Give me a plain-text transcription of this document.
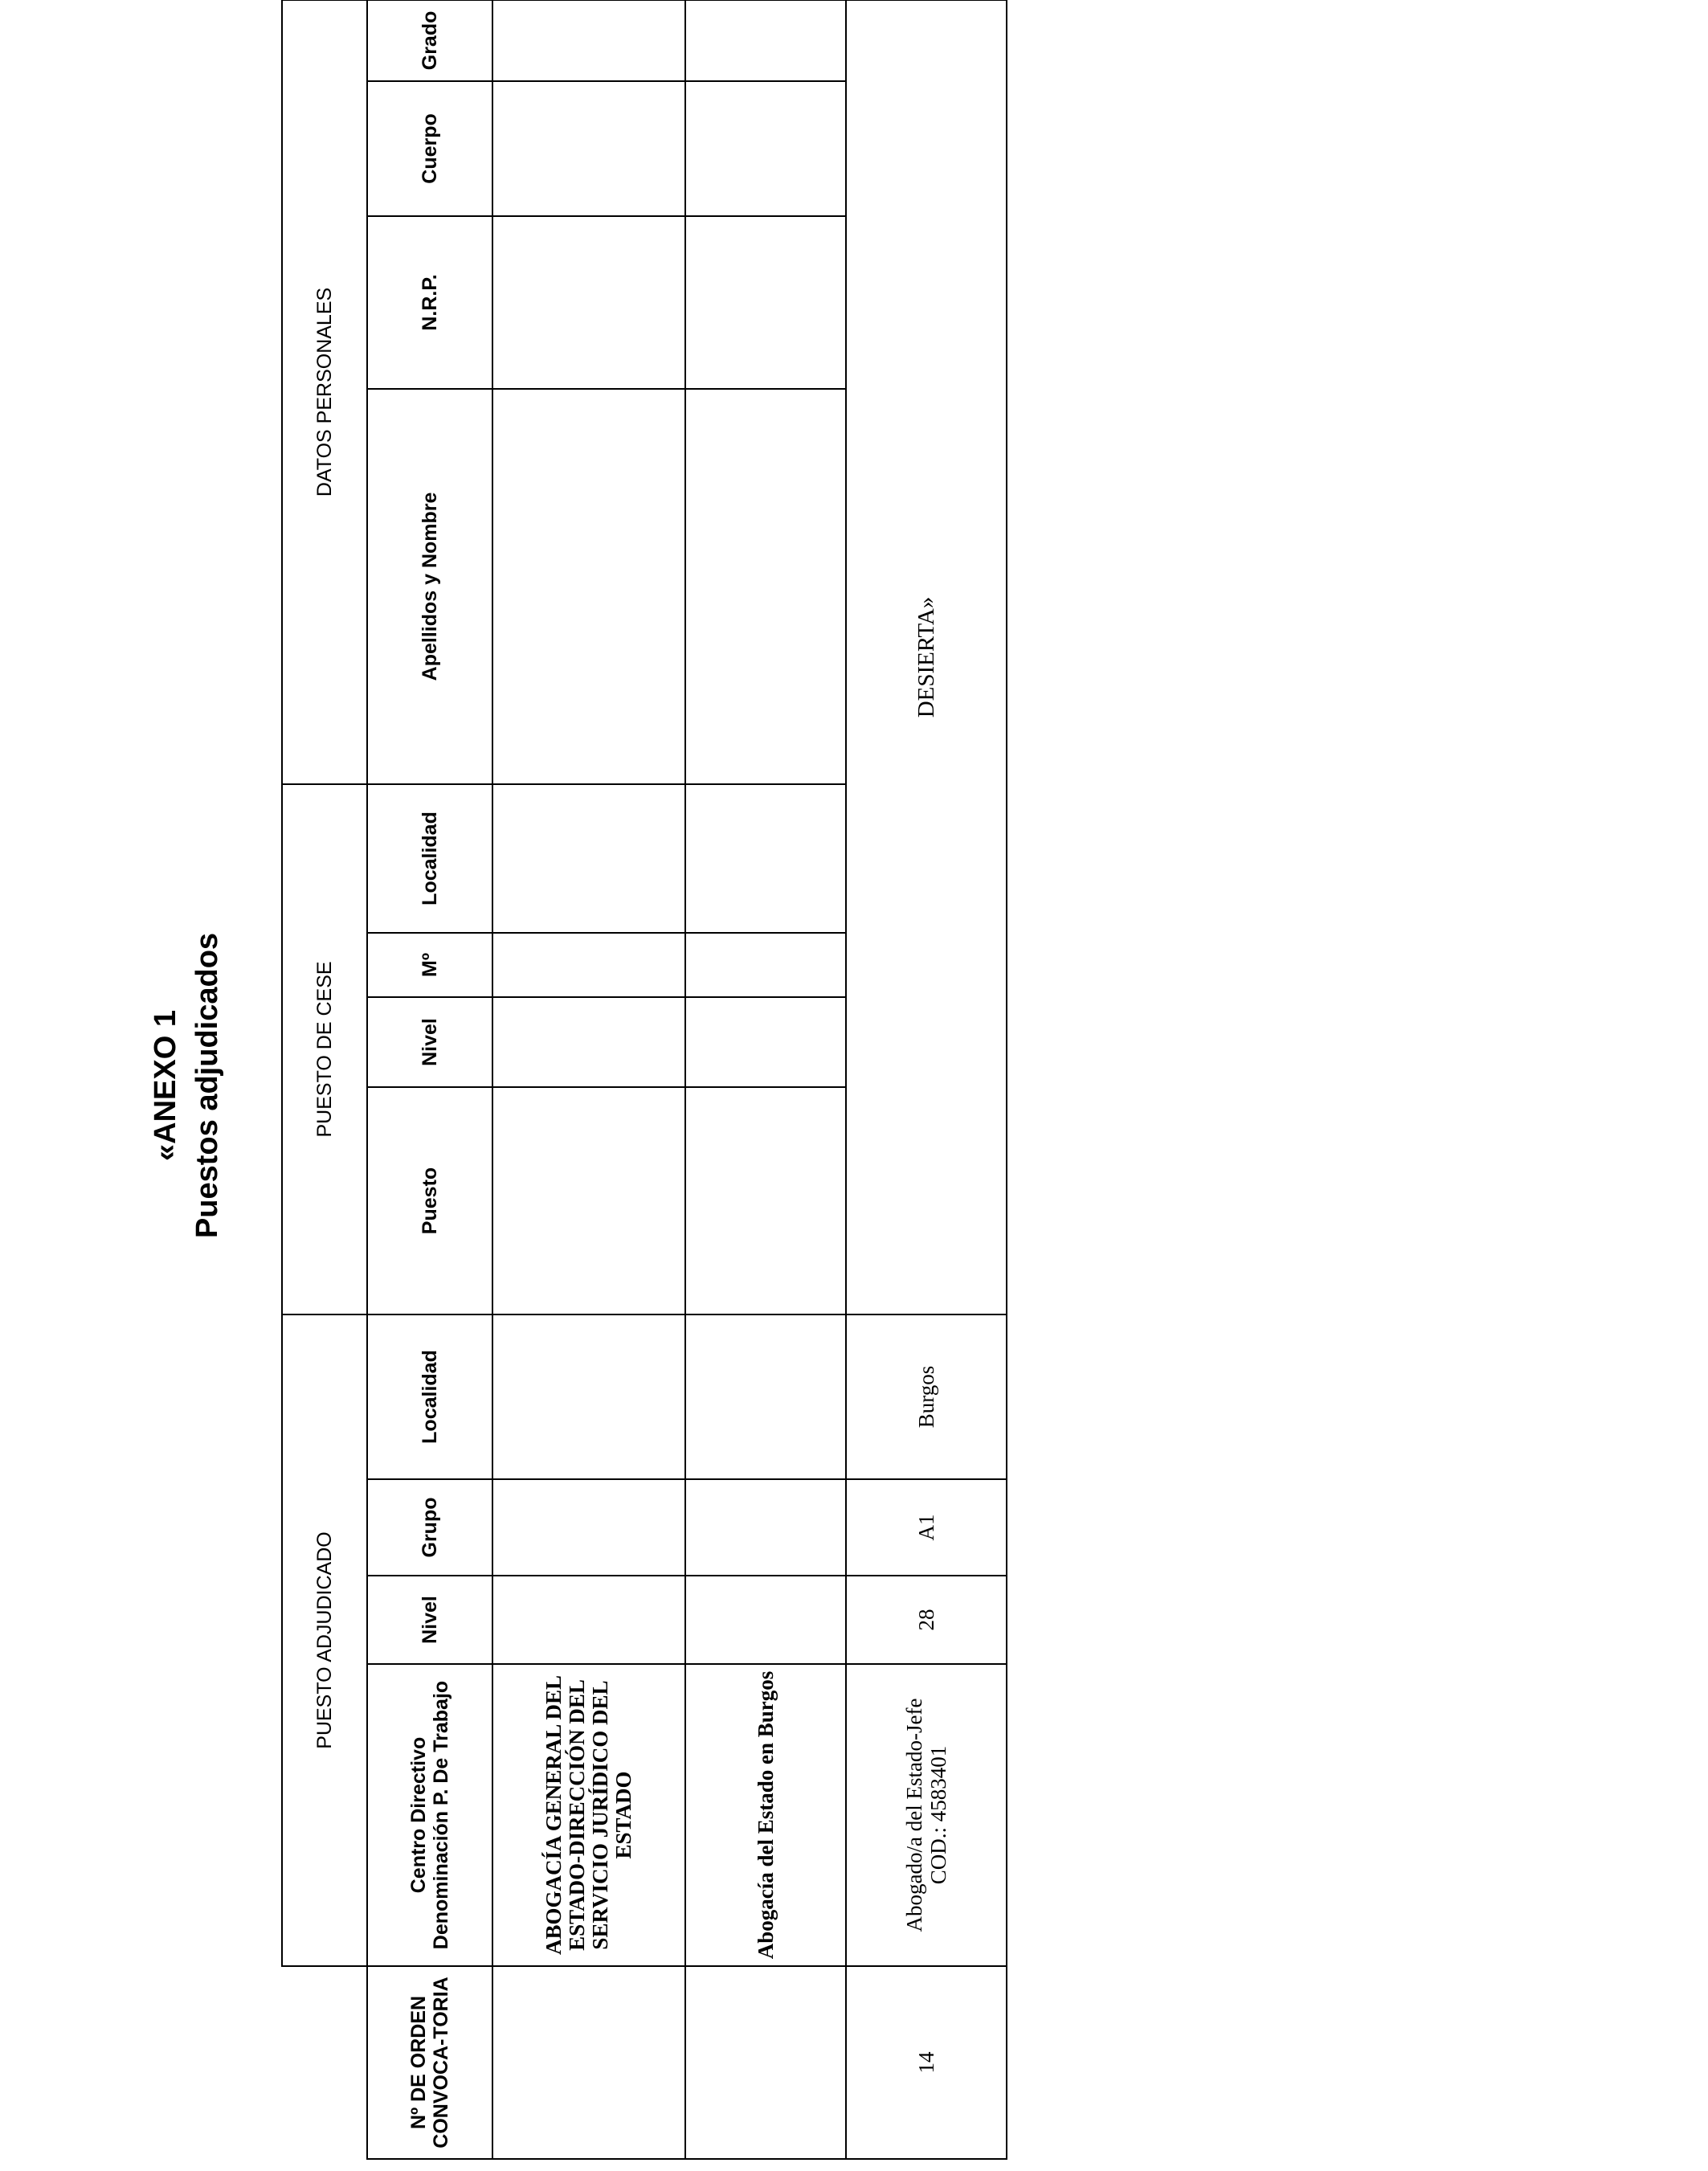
«ANEXO 1 Puestos adjudicados
	PUESTO ADJUDICADO				PUESTO DE CESE				DATOS PERSONALES			
Nº DE ORDEN CONVOCA-TORIA	Centro Directivo Denominación P. De Trabajo	Nivel	Grupo	Localidad	Puesto	Nivel	Mº	Localidad	Apellidos y Nombre	N.R.P.	Cuerpo	Grado
	ABOGACÍA GENERAL DEL ESTADO-DIRECCIÓN DEL SERVICIO JURÍDICO DEL ESTADO											
	Abogacía del Estado en Burgos											
14	Abogado/a del Estado-Jefe COD.: 4583401	28	A1	Burgos	DESIERTA»							
